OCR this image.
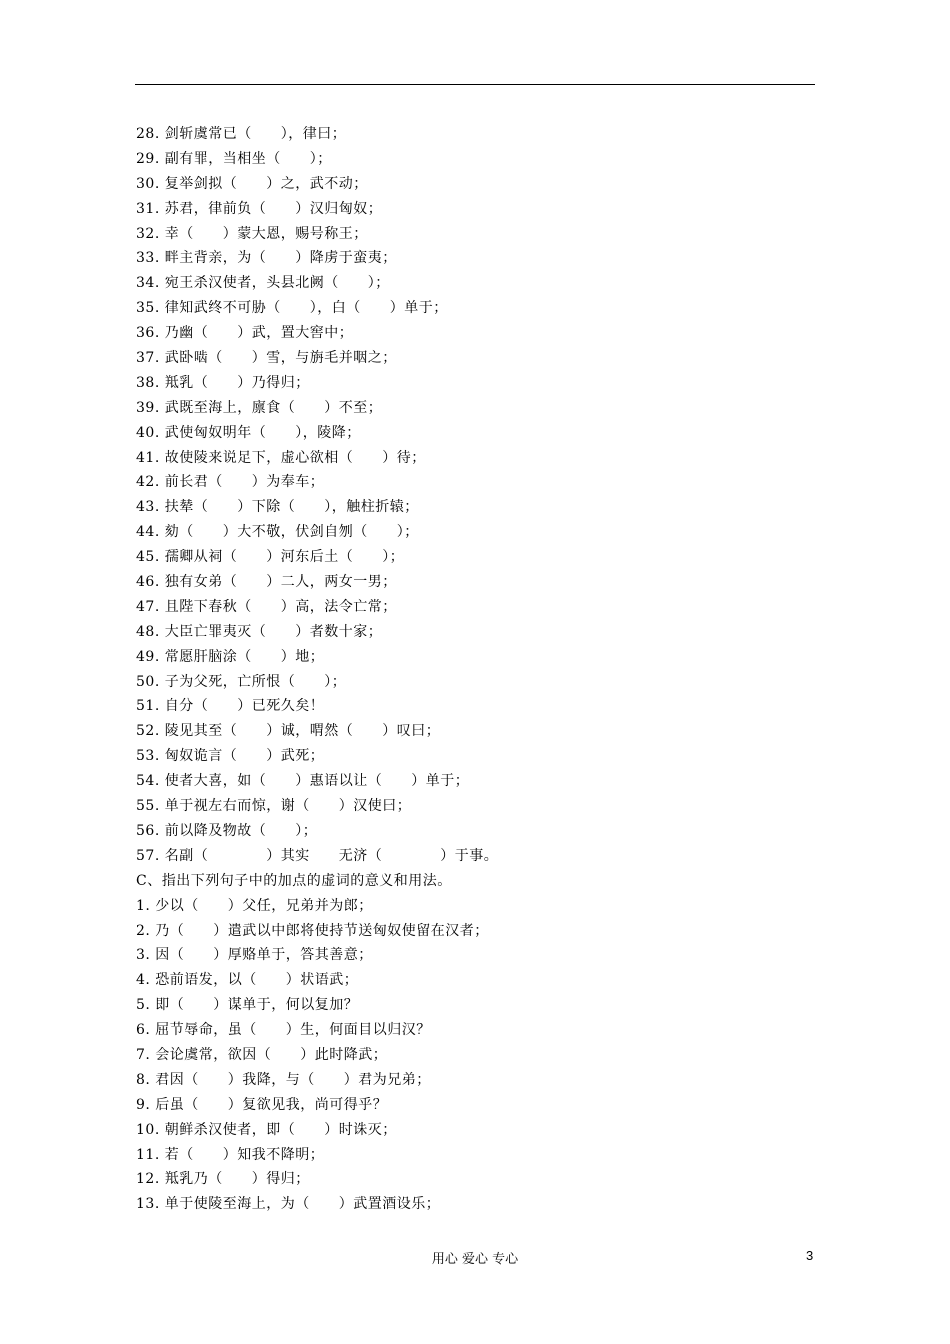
28. 剑斩虞常已（　　），律曰；
29. 副有罪，当相坐（　　）；
30. 复举剑拟（　　）之，武不动；
31. 苏君，律前负（　　）汉归匈奴；
32. 幸（　　）蒙大恩，赐号称王；
33. 畔主背亲，为（　　）降虏于蛮夷；
34. 宛王杀汉使者，头县北阙（　　）；
35. 律知武终不可胁（　　），白（　　）单于；
36. 乃幽（　　）武，置大窖中；
37. 武卧啮（　　）雪，与旃毛并咽之；
38. 羝乳（　　）乃得归；
39. 武既至海上，廪食（　　）不至；
40. 武使匈奴明年（　　），陵降；
41. 故使陵来说足下，虚心欲相（　　）待；
42. 前长君（　　）为奉车；
43. 扶辇（　　）下除（　　），触柱折辕；
44. 劾（　　）大不敬，伏剑自刎（　　）；
45. 孺卿从祠（　　）河东后土（　　）；
46. 独有女弟（　　）二人，两女一男；
47. 且陛下春秋（　　）高，法令亡常；
48. 大臣亡罪夷灭（　　）者数十家；
49. 常愿肝脑涂（　　）地；
50. 子为父死，亡所恨（　　）；
51. 自分（　　）已死久矣！
52. 陵见其至（　　）诚，喟然（　　）叹曰；
53. 匈奴诡言（　　）武死；
54. 使者大喜，如（　　）惠语以让（　　）单于；
55. 单于视左右而惊，谢（　　）汉使曰；
56. 前以降及物故（　　）；
57. 名副（　　　　）其实　　无济（　　　　）于事。
C、指出下列句子中的加点的虚词的意义和用法。
1. 少以（　　）父任，兄弟并为郎；
2. 乃（　　）遣武以中郎将使持节送匈奴使留在汉者；
3. 因（　　）厚赂单于，答其善意；
4. 恐前语发，以（　　）状语武；
5. 即（　　）谋单于，何以复加？
6. 屈节辱命，虽（　　）生，何面目以归汉？
7. 会论虞常，欲因（　　）此时降武；
8. 君因（　　）我降，与（　　）君为兄弟；
9. 后虽（　　）复欲见我，尚可得乎？
10. 朝鲜杀汉使者，即（　　）时诛灭；
11. 若（　　）知我不降明；
12. 羝乳乃（　　）得归；
13. 单于使陵至海上，为（　　）武置酒设乐；
用心 爱心 专心	3
